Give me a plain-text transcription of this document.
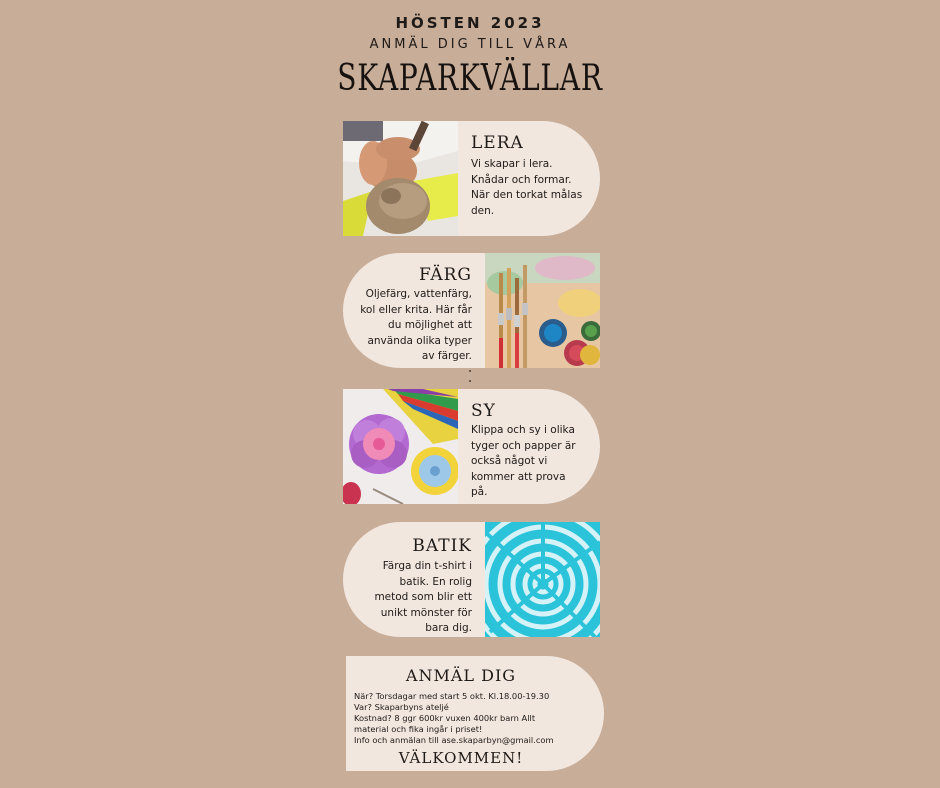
HÖSTEN 2023
ANMÄL DIG TILL VÅRA
SKAPARKVÄLLAR
LERA
Vi skapar i lera.
Knådar och formar.
När den torkat målas
den.
FÄRG
Oljefärg, vattenfärg,
kol eller krita. Här får
du möjlighet att
använda olika typer
av färger.
SY
Klippa och sy i olika
tyger och papper är
också något vi
kommer att prova
på.
BATIK
Färga din t-shirt i
batik. En rolig
metod som blir ett
unikt mönster för
bara dig.
ANMÄL DIG
När? Torsdagar med start 5 okt. Kl.18.00-19.30
Var? Skaparbyns ateljé
Kostnad? 8 ggr 600kr vuxen 400kr barn Allt
material och fika ingår i priset!
Info och anmälan till ase.skaparbyn@gmail.com
VÄLKOMMEN!
